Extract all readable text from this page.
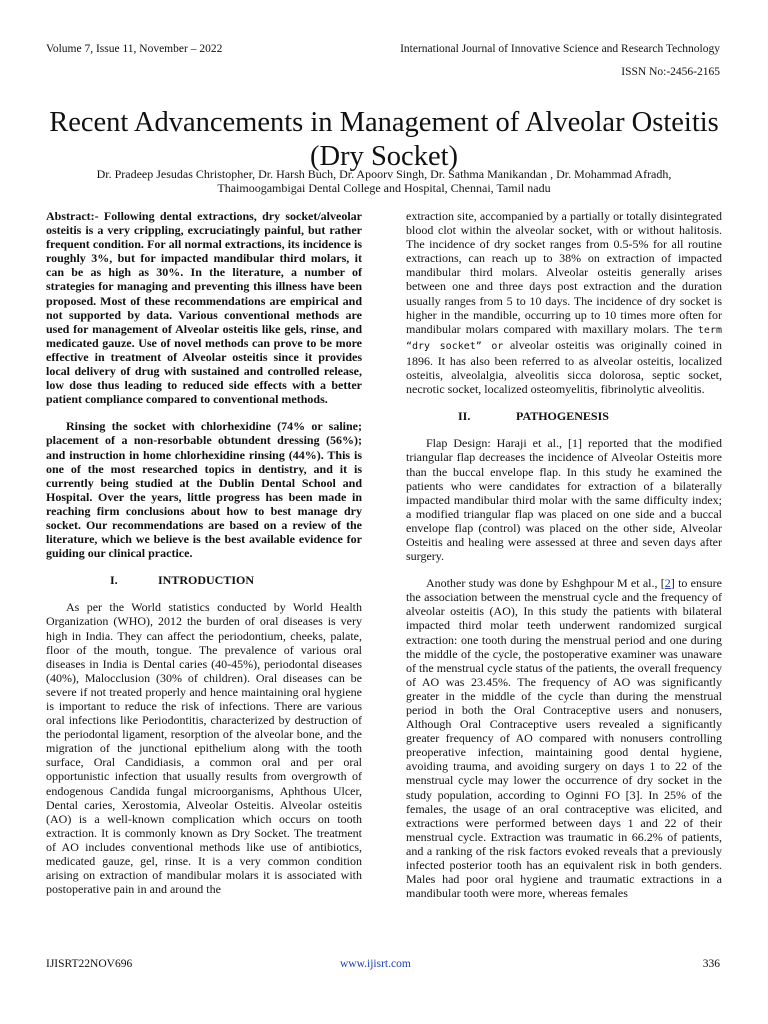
Volume 7, Issue 11, November – 2022	International Journal of Innovative Science and Research Technology
ISSN No:-2456-2165
Recent Advancements in Management of Alveolar Osteitis (Dry Socket)
Dr. Pradeep Jesudas Christopher, Dr. Harsh Buch, Dr. Apoorv Singh, Dr. Sathma Manikandan , Dr. Mohammad Afradh,
Thaimoogambigai Dental College and Hospital, Chennai, Tamil nadu

Abstract:- Following dental extractions, dry socket/alveolar osteitis is a very crippling, excruciatingly painful, but rather frequent condition. For all normal extractions, its incidence is roughly 3%, but for impacted mandibular third molars, it can be as high as 30%. In the literature, a number of strategies for managing and preventing this illness have been proposed. Most of these recommendations are empirical and not supported by data. Various conventional methods are used for management of Alveolar osteitis like gels, rinse, and medicated gauze. Use of novel methods can prove to be more effective in treatment of Alveolar osteitis since it provides local delivery of drug with sustained and controlled release, low dose thus leading to reduced side effects with a better patient compliance compared to conventional methods.

Rinsing the socket with chlorhexidine (74% or saline; placement of a non-resorbable obtundent dressing (56%); and instruction in home chlorhexidine rinsing (44%). This is one of the most researched topics in dentistry, and it is currently being studied at the Dublin Dental School and Hospital. Over the years, little progress has been made in reaching firm conclusions about how to best manage dry socket. Our recommendations are based on a review of the literature, which we believe is the best available evidence for guiding our clinical practice.

I.	INTRODUCTION

As per the World statistics conducted by World Health Organization (WHO), 2012 the burden of oral diseases is very high in India. They can affect the periodontium, cheeks, palate, floor of the mouth, tongue. The prevalence of various oral diseases in India is Dental caries (40-45%), periodontal diseases (40%), Malocclusion (30% of children). Oral diseases can be severe if not treated properly and hence maintaining oral hygiene is important to reduce the risk of infections. There are various oral infections like Periodontitis, characterized by destruction of the periodontal ligament, resorption of the alveolar bone, and the migration of the junctional epithelium along with the tooth surface, Oral Candidiasis, a common oral and per oral opportunistic infection that usually results from overgrowth of endogenous Candida fungal microorganisms, Aphthous Ulcer, Dental caries, Xerostomia, Alveolar Osteitis. Alveolar osteitis (AO) is a well-known complication which occurs on tooth extraction. It is commonly known as Dry Socket. The treatment of AO includes conventional methods like use of antibiotics, medicated gauze, gel, rinse. It is a very common condition arising on extraction of mandibular molars it is associated with postoperative pain in and around the

extraction site, accompanied by a partially or totally disintegrated blood clot within the alveolar socket, with or without halitosis. The incidence of dry socket ranges from 0.5-5% for all routine extractions, can reach up to 38% on extraction of impacted mandibular third molars. Alveolar osteitis generally arises between one and three days post extraction and the duration usually ranges from 5 to 10 days. The incidence of dry socket is higher in the mandible, occurring up to 10 times more often for mandibular molars compared with maxillary molars. The term “dry socket” or alveolar osteitis was originally coined in 1896. It has also been referred to as alveolar osteitis, localized osteitis, alveolalgia, alveolitis sicca dolorosa, septic socket, necrotic socket, localized osteomyelitis, fibrinolytic alveolitis.

II.	PATHOGENESIS

Flap Design: Haraji et al., [1] reported that the modified triangular flap decreases the incidence of Alveolar Osteitis more than the buccal envelope flap. In this study he examined the patients who were candidates for extraction of a bilaterally impacted mandibular third molar with the same difficulty index; a modified triangular flap was placed on one side and a buccal envelope flap (control) was placed on the other side, Alveolar Osteitis and healing were assessed at three and seven days after surgery.

Another study was done by Eshghpour M et al., [2] to ensure the association between the menstrual cycle and the frequency of alveolar osteitis (AO), In this study the patients with bilateral impacted third molar teeth underwent randomized surgical extraction: one tooth during the menstrual period and one during the middle of the cycle, the postoperative examiner was unaware of the menstrual cycle status of the patients, the overall frequency of AO was 23.45%. The frequency of AO was significantly greater in the middle of the cycle than during the menstrual period in both the Oral Contraceptive users and nonusers, Although Oral Contraceptive users revealed a significantly greater frequency of AO compared with nonusers controlling preoperative infection, maintaining good dental hygiene, avoiding trauma, and avoiding surgery on days 1 to 22 of the menstrual cycle may lower the occurrence of dry socket in the study population, according to Oginni FO [3]. In 25% of the females, the usage of an oral contraceptive was elicited, and extractions were performed between days 1 and 22 of their menstrual cycle. Extraction was traumatic in 66.2% of patients, and a ranking of the risk factors evoked reveals that a previously infected posterior tooth has an equivalent risk in both genders. Males had poor oral hygiene and traumatic extractions in a mandibular tooth were more, whereas females

IJISRT22NOV696	www.ijisrt.com	336
